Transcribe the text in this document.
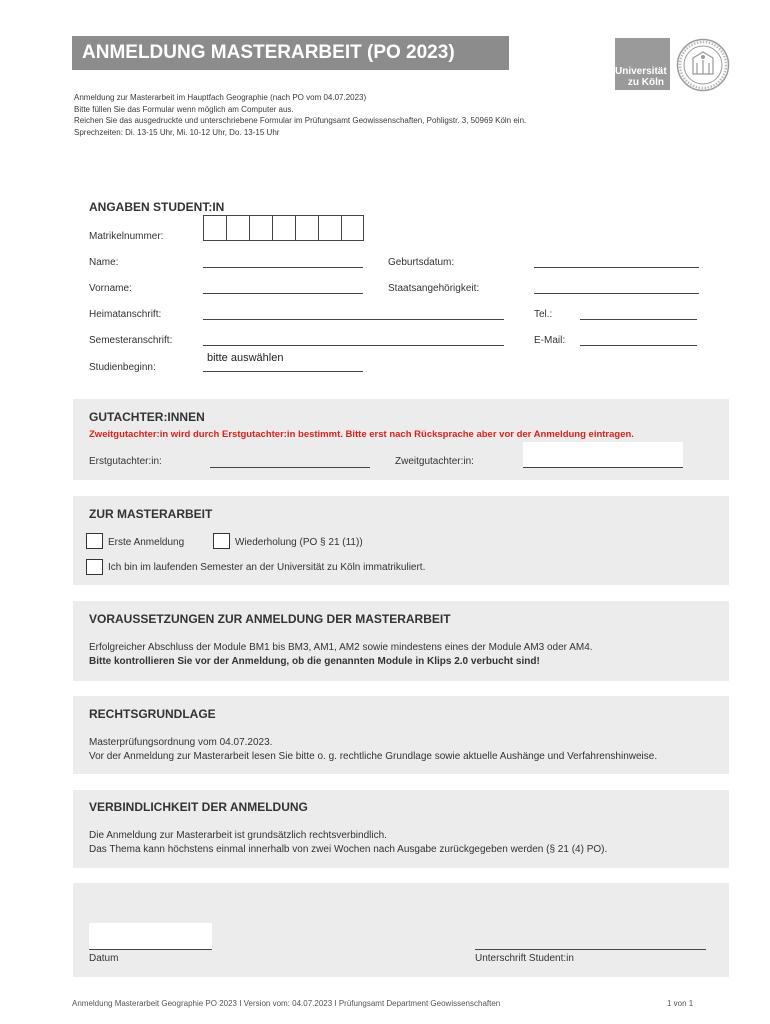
ANMELDUNG MASTERARBEIT (PO 2023)
Universität
zu Köln
Anmeldung zur Masterarbeit im Hauptfach Geographie (nach PO vom 04.07.2023)
Bitte füllen Sie das Formular wenn möglich am Computer aus.
Reichen Sie das ausgedruckte und unterschriebene Formular im Prüfungsamt Geowissenschaften, Pohligstr. 3, 50969 Köln ein.
Sprechzeiten: Di. 13-15 Uhr, Mi. 10-12 Uhr, Do. 13-15 Uhr
ANGABEN STUDENT:IN
Matrikelnummer:
Name:	Geburtsdatum:
Vorname:	Staatsangehörigkeit:
Heimatanschrift:	Tel.:
Semesteranschrift:	E-Mail:
Studienbeginn:
bitte auswählen
GUTACHTER:INNEN
Zweitgutachter:in wird durch Erstgutachter:in bestimmt. Bitte erst nach Rücksprache aber vor der Anmeldung eintragen.
Erstgutachter:in:	Zweitgutachter:in:
ZUR MASTERARBEIT
Erste Anmeldung	Wiederholung (PO § 21 (11))
Ich bin im laufenden Semester an der Universität zu Köln immatrikuliert.
VORAUSSETZUNGEN ZUR ANMELDUNG DER MASTERARBEIT
Erfolgreicher Abschluss der Module BM1 bis BM3, AM1, AM2 sowie mindestens eines der Module AM3 oder AM4.
Bitte kontrollieren Sie vor der Anmeldung, ob die genannten Module in Klips 2.0 verbucht sind!
RECHTSGRUNDLAGE
Masterprüfungsordnung vom 04.07.2023.
Vor der Anmeldung zur Masterarbeit lesen Sie bitte o. g. rechtliche Grundlage sowie aktuelle Aushänge und Verfahrenshinweise.
VERBINDLICHKEIT DER ANMELDUNG
Die Anmeldung zur Masterarbeit ist grundsätzlich rechtsverbindlich.
Das Thema kann höchstens einmal innerhalb von zwei Wochen nach Ausgabe zurückgegeben werden (§ 21 (4) PO).
Datum	Unterschrift Student:in
Anmeldung Masterarbeit Geographie PO 2023 I Version vom: 04.07.2023 I Prüfungsamt Department Geowissenschaften	1 von 1
